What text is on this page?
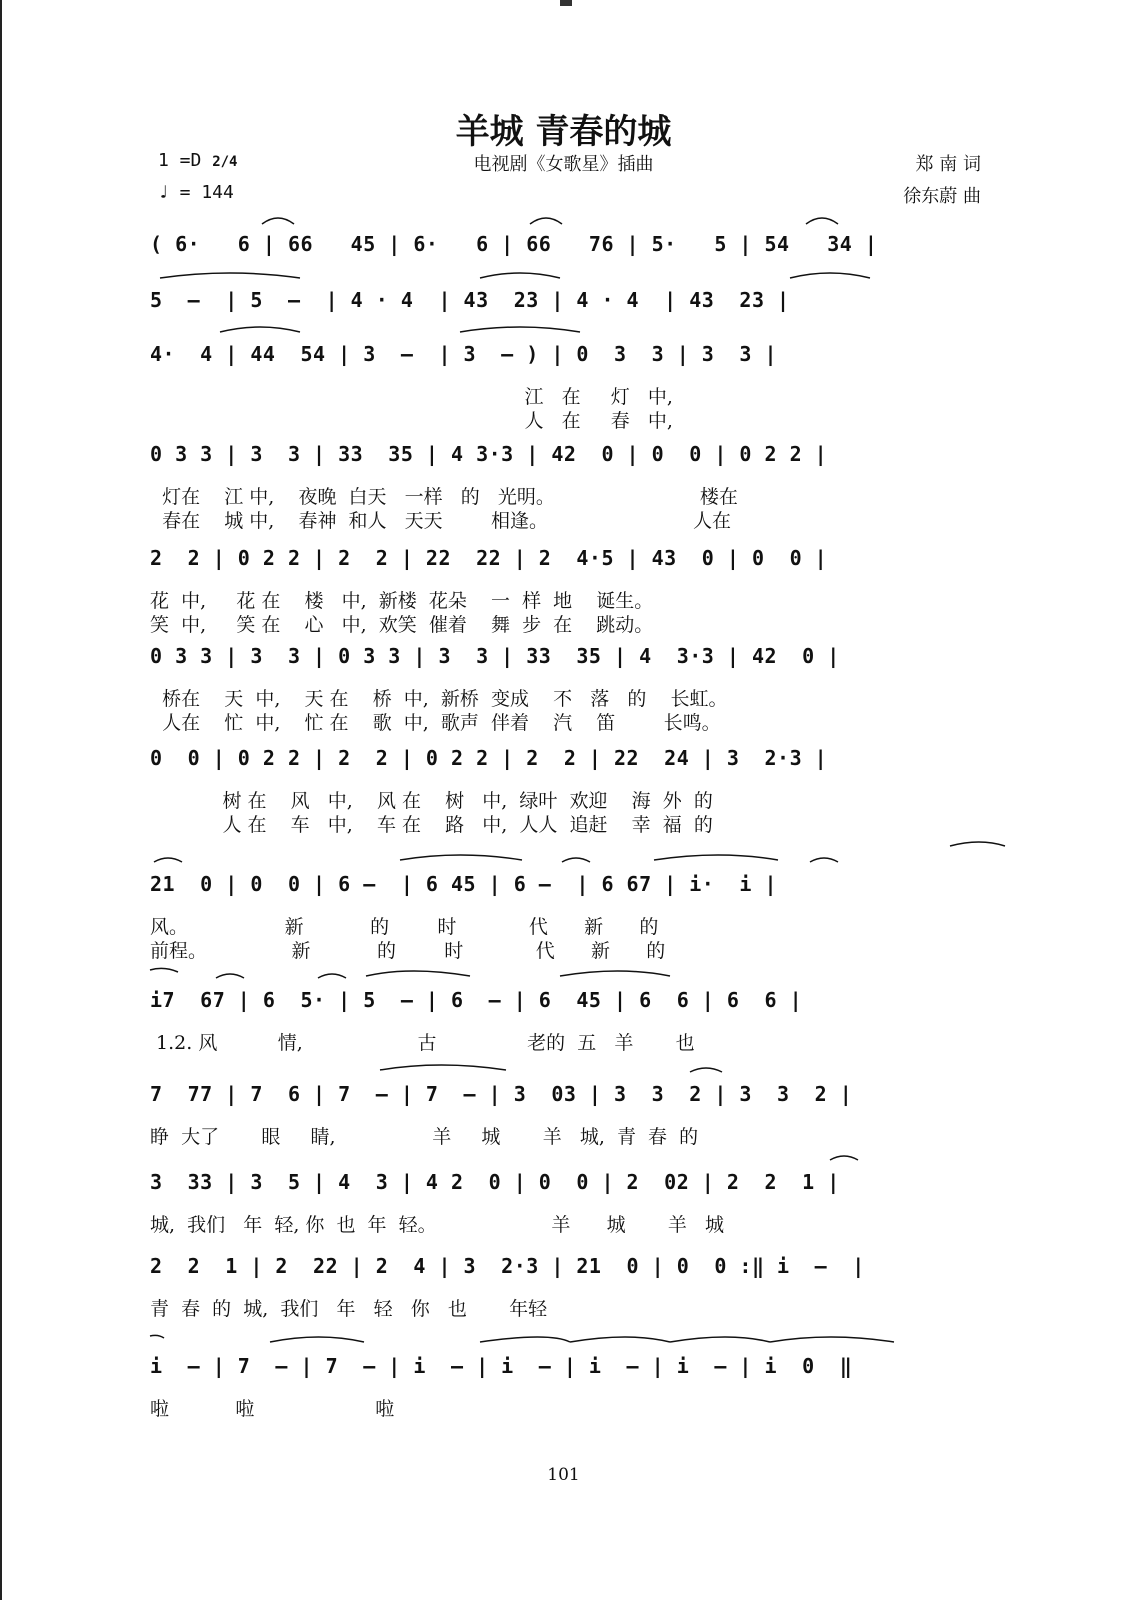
羊城 青春的城
电视剧《女歌星》插曲
1 =D 2/4
♩ = 144
郑 南 词
徐东蔚 曲
( 6·   6 | 66   45 | 6·   6 | 66   76 | 5·   5 | 54   34 |
5  –  | 5  –  | 4 · 4  | 43  23 | 4 · 4  | 43  23 |
4·  4 | 44  54 | 3  –  | 3  – ) | 0  3  3 | 3  3 |
江   在     灯   中,
人   在     春   中,
0 3 3 | 3  3 | 33  35 | 4 3·3 | 42  0 | 0  0 | 0 2 2 |
灯在    江 中,    夜晚  白天   一样   的   光明。                        楼在
春在    城 中,    春神  和人   天天        相逢。                        人在
2  2 | 0 2 2 | 2  2 | 22  22 | 2  4·5 | 43  0 | 0  0 |
花  中,     花 在    楼   中,  新楼  花朵    一  样  地    诞生。
笑  中,     笑 在    心   中,  欢笑  催着    舞  步  在    跳动。
0 3 3 | 3  3 | 0 3 3 | 3  3 | 33  35 | 4  3·3 | 42  0 |
桥在    天  中,    天 在    桥  中,  新桥  变成    不   落   的    长虹。
人在    忙  中,    忙 在    歌  中,  歌声  伴着    汽    笛        长鸣。
0  0 | 0 2 2 | 2  2 | 0 2 2 | 2  2 | 22  24 | 3  2·3 |
树 在    风   中,    风 在    树   中,  绿叶  欢迎    海  外  的
人 在    车   中,    车 在    路   中,  人人  追赶    幸  福  的
21  0 | 0  0 | 6 –  | 6 45 | 6 –  | 6 67 | i·  i |
风。                新           的        时            代      新      的
前程。              新           的        时            代      新      的
i7  67 | 6  5· | 5  – | 6  – | 6  45 | 6  6 | 6  6 |
1.2. 风          情,                   古               老的  五   羊       也
7  77 | 7  6 | 7  – | 7  – | 3  03 | 3  3  2 | 3  3  2 |
睁  大了       眼     睛,                羊     城       羊   城,  青  春  的
3  33 | 3  5 | 4  3 | 4 2  0 | 0  0 | 2  02 | 2  2  1 |
城,  我们   年  轻, 你  也  年  轻。                   羊      城       羊   城
2  2  1 | 2  22 | 2  4 | 3  2·3 | 21  0 | 0  0 :‖ i  –  |
青  春  的  城,  我们   年   轻   你   也       年轻
i  – | 7  – | 7  – | i  – | i  – | i  – | i  – | i  0  ‖
啦           啦                    啦
101
